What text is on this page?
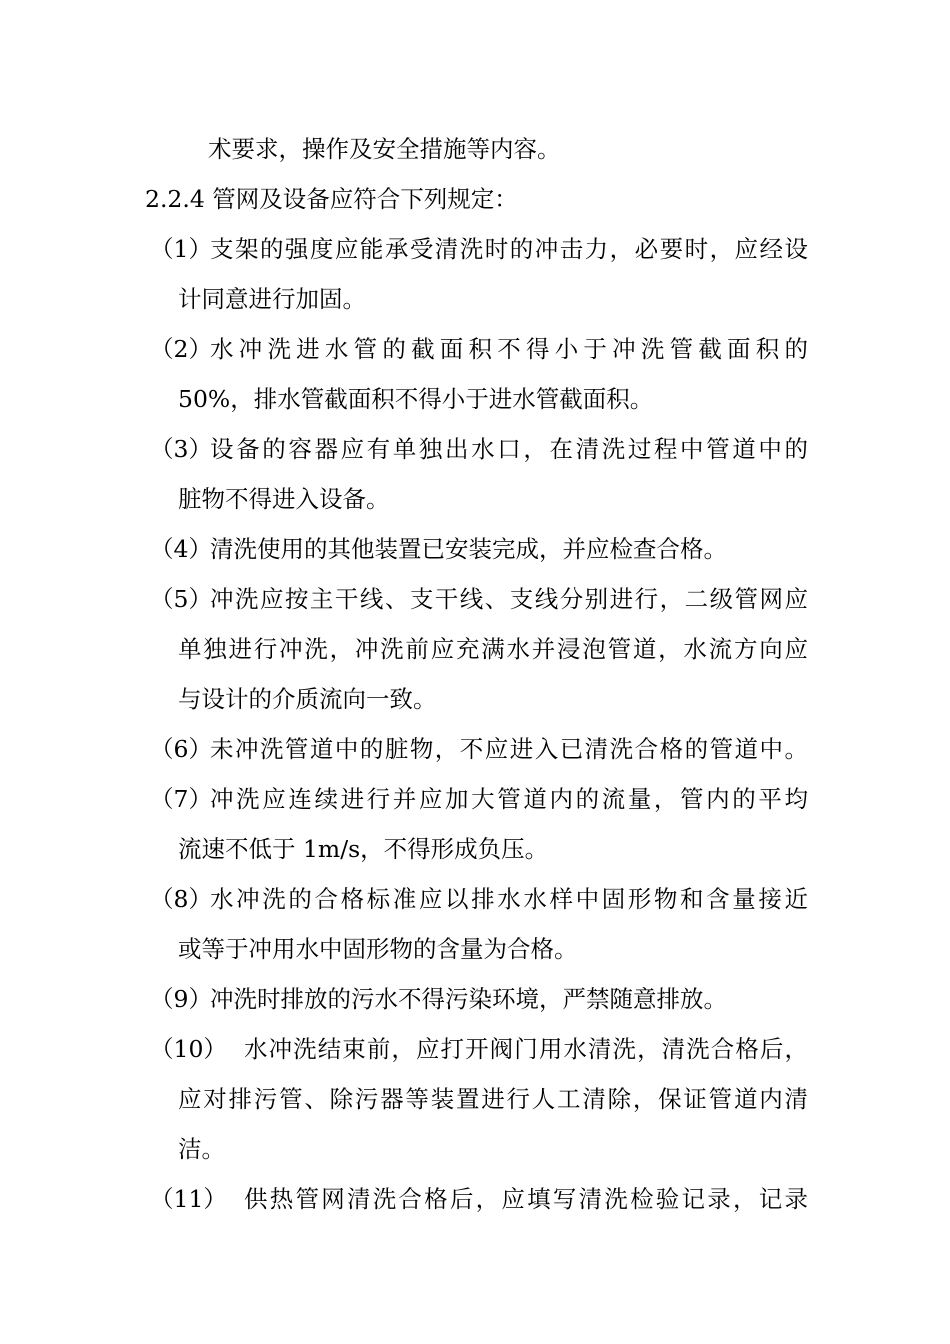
术要求，操作及安全措施等内容。
2.2.4 管网及设备应符合下列规定：
（1）
支架的强度应能承受清洗时的冲击力，必要时，应经设
计同意进行加固。
（2）
水冲洗进水管的截面积不得小于冲洗管截面积的
50%，排水管截面积不得小于进水管截面积。
（3）
设备的容器应有单独出水口，在清洗过程中管道中的
脏物不得进入设备。
（4）
清洗使用的其他装置已安装完成，并应检查合格。
（5）
冲洗应按主干线、支干线、支线分别进行，二级管网应
单独进行冲洗，冲洗前应充满水并浸泡管道，水流方向应
与设计的介质流向一致。
（6）
未冲洗管道中的脏物，不应进入已清洗合格的管道中。
（7）
冲洗应连续进行并应加大管道内的流量，管内的平均
流速不低于 1m/s，不得形成负压。
（8）
水冲洗的合格标准应以排水水样中固形物和含量接近
或等于冲用水中固形物的含量为合格。
（9）
冲洗时排放的污水不得污染环境，严禁随意排放。
（10） 水冲洗结束前，应打开阀门用水清洗，清洗合格后，
应对排污管、除污器等装置进行人工清除，保证管道内清
洁。
（11） 供热管网清洗合格后，应填写清洗检验记录，记录
